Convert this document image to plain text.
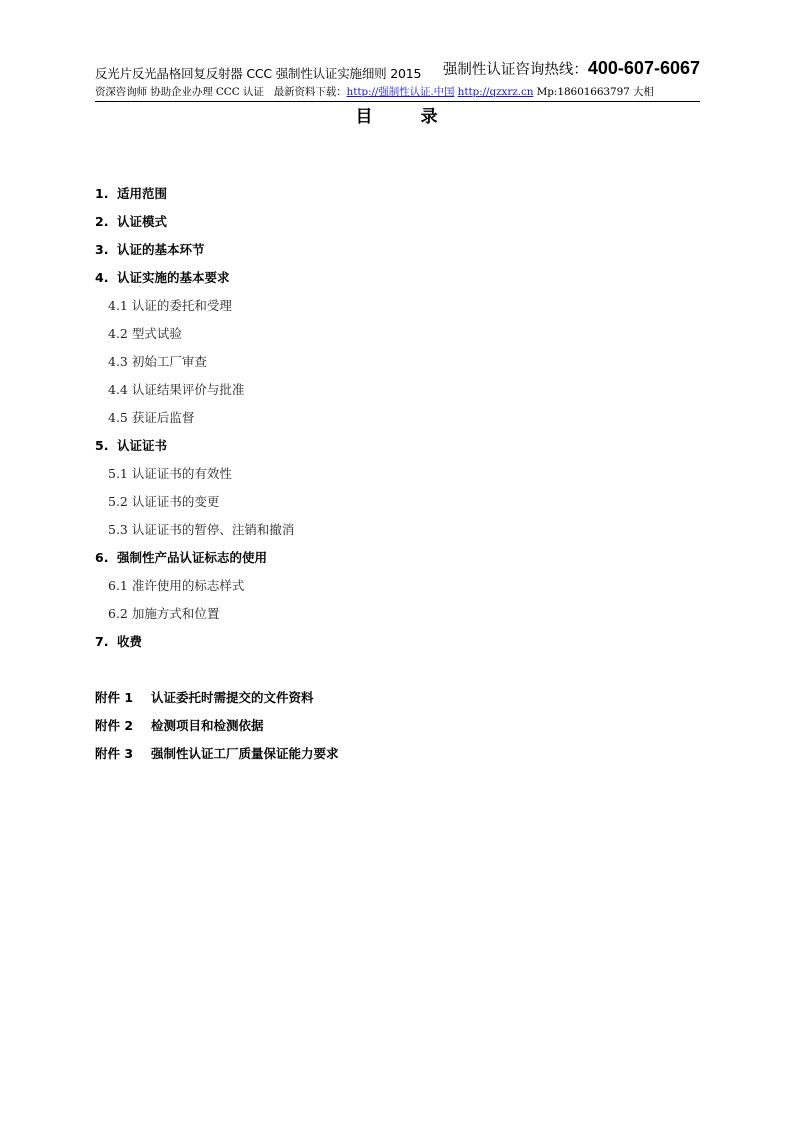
反光片反光晶格回复反射器 CCC 强制性认证实施细则 2015 强制性认证咨询热线：400-607-6067
资深咨询师 协助企业办理 CCC 认证 最新资料下载：http://强制性认证.中国 http://qzxrz.cn Mp:18601663797 大相
目录
1. 适用范围
2. 认证模式
3. 认证的基本环节
4. 认证实施的基本要求
4.1 认证的委托和受理
4.2 型式试验
4.3 初始工厂审查
4.4 认证结果评价与批准
4.5 获证后监督
5. 认证证书
5.1 认证证书的有效性
5.2 认证证书的变更
5.3 认证证书的暂停、注销和撤消
6. 强制性产品认证标志的使用
6.1 准许使用的标志样式
6.2 加施方式和位置
7. 收费
附件 1 认证委托时需提交的文件资料
附件 2 检测项目和检测依据
附件 3 强制性认证工厂质量保证能力要求
